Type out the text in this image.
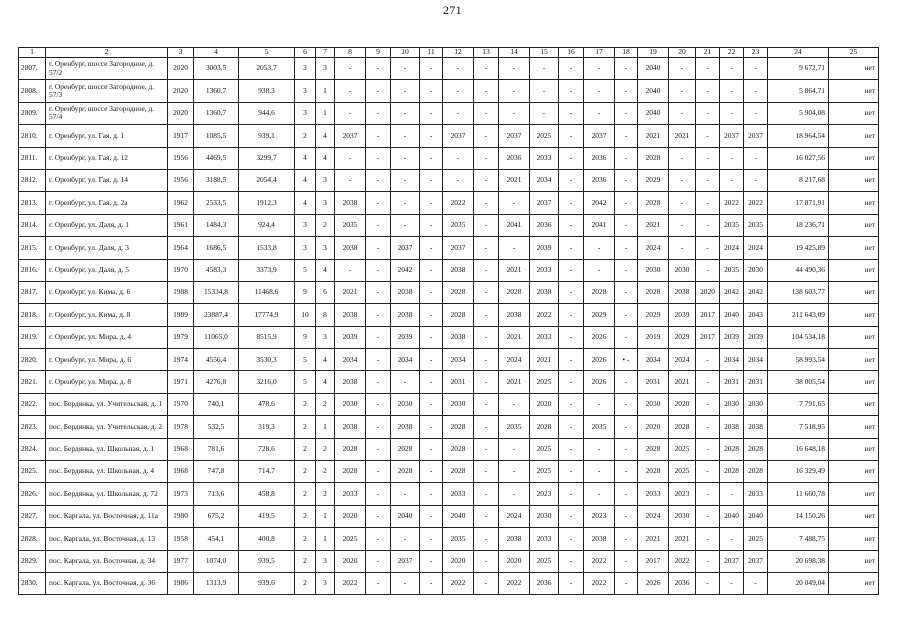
271
1	2	3	4	5	6	7	8	9	10	11	12	13	14	15	16	17	18	19	20	21	22	23	24	25
2807.	г. Оренбург, шоссе Загородное, д. 57/2	2020	3003,5	2053,7	3	3	-	-	-	-	-	-	-	-	-	-	-	2040	-	-	-	-	9 672,71	нет
2808.	г. Оренбург, шоссе Загородное, д. 57/3	2020	1360,7	938,3	3	1	-	-	-	-	-	-	-	-	-	-	-	2040	-	-	-	-	5 864,71	нет
2809.	г. Оренбург, шоссе Загородное, д. 57/4	2020	1360,7	944,6	3	1	-	-	-	-	-	-	-	-	-	-	-	2040	-	-	-	-	5 904,08	нет
2810.	г. Оренбург, ул. Гая, д. 1	1917	1085,5	939,1	2	4	2037	-	-	-	2037	-	2037	2025	-	2037	-	2021	2021	-	2037	2037	18 964,54	нет
2811.	г. Оренбург, ул. Гая, д. 12	1956	4469,5	3299,7	4	4	-	-	-	-	-	-	2036	2033	-	2036	-	2028	-	-	-	-	16 027,56	нет
2812.	г. Оренбург, ул. Гая, д. 14	1956	3188,5	2054,4	4	3	-	-	-	-	-	-	2021	2034	-	2036	-	2029	-	-	-	-	8 217,68	нет
2813.	г. Оренбург, ул. Гая, д. 2а	1962	2533,5	1912,3	4	3	2038	-	-	-	2022	-	-	2037	-	2042	-	2028	-	-	2022	2022	17 871,91	нет
2814.	г. Оренбург, ул. Даля, д. 1	1961	1484,3	924,4	3	2	2035	-	-	-	2035	-	2041	2036	-	2041	-	2021	-	-	2035	2035	18 236,71	нет
2815.	г. Оренбург, ул. Даля, д. 3	1964	1686,5	1533,8	3	3	2038	-	2037	-	2037	-	-	2039	-	-	-	2024	-	-	2024	2024	19 425,89	нет
2816.	г. Оренбург, ул. Даля, д. 5	1970	4583,3	3373,9	5	4	-	-	2042	-	2038	-	2021	2033	-	-	-	2030	2030	-	2035	2030	44 490,36	нет
2817.	г. Оренбург, ул. Кима, д. 6	1988	15334,8	11468,6	9	6	2021	-	2038	-	2028	-	2028	2038	-	2028	-	2028	2038	2020	2042	2042	138 603,77	нет
2818.	г. Оренбург, ул. Кима, д. 8	1989	23887,4	17774,9	10	8	2038	-	2038	-	2028	-	2038	2022	-	2029	-	2029	2039	2017	2040	2043	211 643,09	нет
2819.	г. Оренбург, ул. Мира, д. 4	1979	11065,0	8515,9	9	3	2039	-	2039	-	2038	-	2021	2033	-	2026	-	2019	2029	2017	2039	2039	104 534,18	нет
2820.	г. Оренбург, ул. Мира, д. 6	1974	4556,4	3530,3	5	4	2034	-	2034	-	2034	-	2024	2021	-	2026	• -	2034	2024	-	2034	2034	58 993,54	нет
2821.	г. Оренбург, ул. Мира, д. 8	1971	4276,8	3216,0	5	4	2038	-	-	-	2031	-	2021	2025	-	2026	-	2031	2021	-	2031	2031	38 005,54	нет
2822.	пос. Бердянка, ул. Учительская, д. 1	1970	740,1	478,6	2	2	2030	-	2030	-	2030	-	-	2020	-	-	-	2030	2020	-	2030	2030	7 791,65	нет
2823.	пос. Бердянка, ул. Учительская, д. 2	1978	532,5	319,3	2	1	2038	-	2038	-	2028	-	2035	2028	-	2035	-	2020	2028	-	2038	2038	7 518,95	нет
2824.	пос. Бердянка, ул. Школьная, д. 1	1968	781,6	728,6	2	2	2028	-	2028	-	2028	-	-	2025	-	-	-	2028	2025	-	2028	2028	16 648,18	нет
2825.	пос. Бердянка, ул. Школьная, д. 4	1968	747,8	714,7	2	2	2028	-	2028	-	2028	-	-	2025	-	-	-	2028	2025	-	2028	2028	16 329,49	нет
2826.	пос. Бердянка, ул. Школьная, д. 72	1973	713,6	458,8	2	2	2033	-	-	-	2033	-	-	2023	-	-	-	2033	2023	-	-	2033	11 660,78	нет
2827.	пос. Каргала, ул. Восточная, д. 11а	1980	675,2	419,5	2	1	2020	-	2040	-	2040	-	2024	2030	-	2023	-	2024	2030	-	2040	2040	14 150,26	нет
2828.	пос. Каргала, ул. Восточная, д. 13	1958	454,1	400,8	2	1	2025	-	-	-	2035	-	2038	2033	-	2038	-	2021	2021	-	-	2025	7 488,75	нет
2829.	пос. Каргала, ул. Восточная, д. 34	1977	1074,0	939,5	2	3	2020	-	2037	-	2020	-	2020	2025	-	2022	-	2017	2022	-	2037	2037	20 698,38	нет
2830.	пос. Каргала, ул. Восточная, д. 36	1986	1313,9	939,6	2	3	2022	-	-	-	2022	-	2022	2036	-	2022	-	2026	2036	-	-	-	20 049,04	нет
